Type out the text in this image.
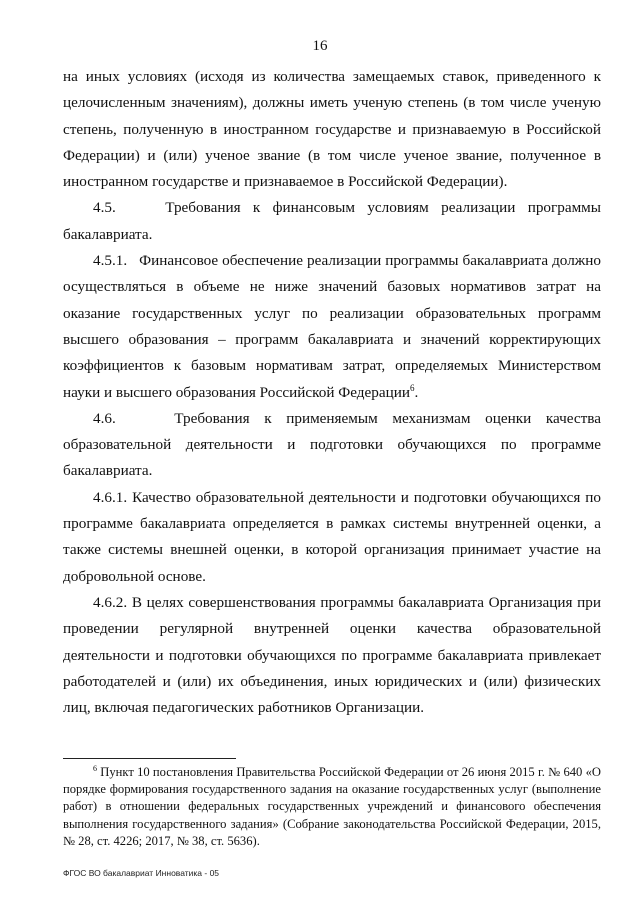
16

на иных условиях (исходя из количества замещаемых ставок, приведенного к целочисленным значениям), должны иметь ученую степень (в том числе ученую степень, полученную в иностранном государстве и признаваемую в Российской Федерации) и (или) ученое звание (в том числе ученое звание, полученное в иностранном государстве и признаваемое в Российской Федерации).

4.5.    Требования к финансовым условиям реализации программы бакалавриата.

4.5.1.   Финансовое обеспечение реализации программы бакалавриата должно осуществляться в объеме не ниже значений базовых нормативов затрат на оказание государственных услуг по реализации образовательных программ высшего образования – программ бакалавриата и значений корректирующих коэффициентов к базовым нормативам затрат, определяемых Министерством науки и высшего образования Российской Федерации$^6$.

4.6.    Требования к применяемым механизмам оценки качества образовательной деятельности и подготовки обучающихся по программе бакалавриата.

4.6.1. Качество образовательной деятельности и подготовки обучающихся по программе бакалавриата определяется в рамках системы внутренней оценки, а также системы внешней оценки, в которой организация принимает участие на добровольной основе.

4.6.2. В целях совершенствования программы бакалавриата Организация при проведении регулярной внутренней оценки качества образовательной деятельности и подготовки обучающихся по программе бакалавриата привлекает работодателей и (или) их объединения, иных юридических и (или) физических лиц, включая педагогических работников Организации.

$^6$ Пункт 10 постановления Правительства Российской Федерации от 26 июня 2015 г. № 640 «О порядке формирования государственного задания на оказание государственных услуг (выполнение работ) в отношении федеральных государственных учреждений и финансового обеспечения выполнения государственного задания» (Собрание законодательства Российской Федерации, 2015, № 28, ст. 4226; 2017, № 38, ст. 5636).
ФГОС ВО бакалавриат Инноватика - 05
